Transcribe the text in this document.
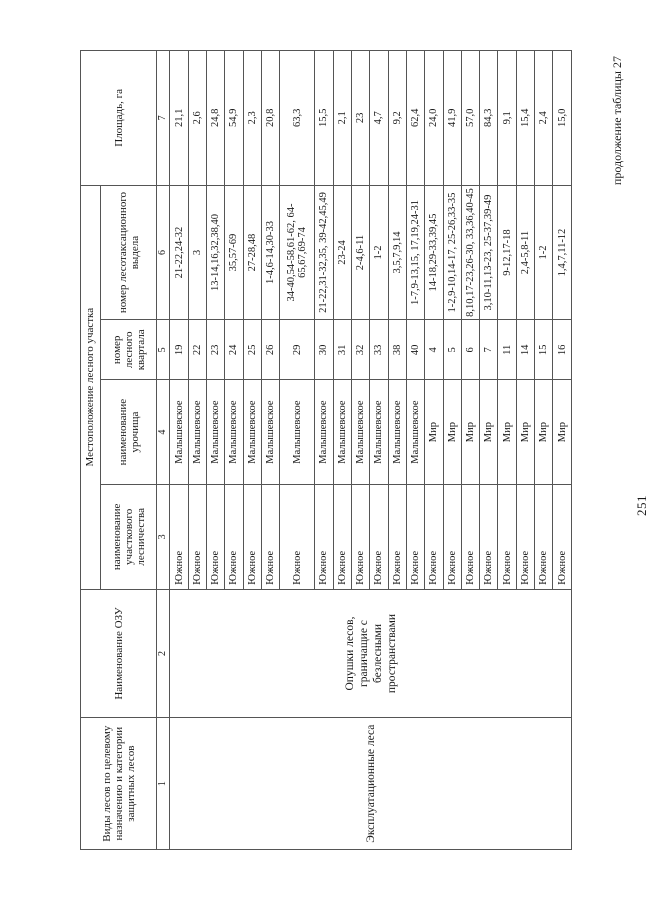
Виды лесов по целевому назначению и категории защитных лесов	Наименование ОЗУ	Местоположение лесного участка				Площадь, га
		наименование участкового лесничества	наименование урочища	номер лесного квартала	номер лесотаксационного выдела	
1	2	3	4	5	6	7
Эксплуатационные леса	Опушки лесов, граничащие с безлесными пространствами	Южное	Малышевское	19	21-22,24-32	21,1
		Южное	Малышевское	22	3	2,6
		Южное	Малышевское	23	13-14,16,32,38,40	24,8
		Южное	Малышевское	24	35,57-69	54,9
		Южное	Малышевское	25	27-28,48	2,3
		Южное	Малышевское	26	1-4,6-14,30-33	20,8
		Южное	Малышевское	29	34-40,54-58,61-62, 64-65,67,69-74	63,3
		Южное	Малышевское	30	21-22,31-32,35, 39-42,45,49	15,5
		Южное	Малышевское	31	23-24	2,1
		Южное	Малышевское	32	2-4,6-11	23
		Южное	Малышевское	33	1-2	4,7
		Южное	Малышевское	38	3,5,7,9,14	9,2
		Южное	Малышевское	40	1-7,9-13,15, 17,19,24-31	62,4
		Южное	Мир	4	14-18,29-33,39,45	24,0
		Южное	Мир	5	1-2,9-10,14-17, 25-26,33-35	41,9
		Южное	Мир	6	8,10,17-23,26-30, 33,36,40-45	57,0
		Южное	Мир	7	3,10-11,13-23, 25-37,39-49	84,3
		Южное	Мир	11	9-12,17-18	9,1
		Южное	Мир	14	2,4-5,8-11	15,4
		Южное	Мир	15	1-2	2,4
		Южное	Мир	16	1,4,7,11-12	15,0
251
продолжение таблицы 27
